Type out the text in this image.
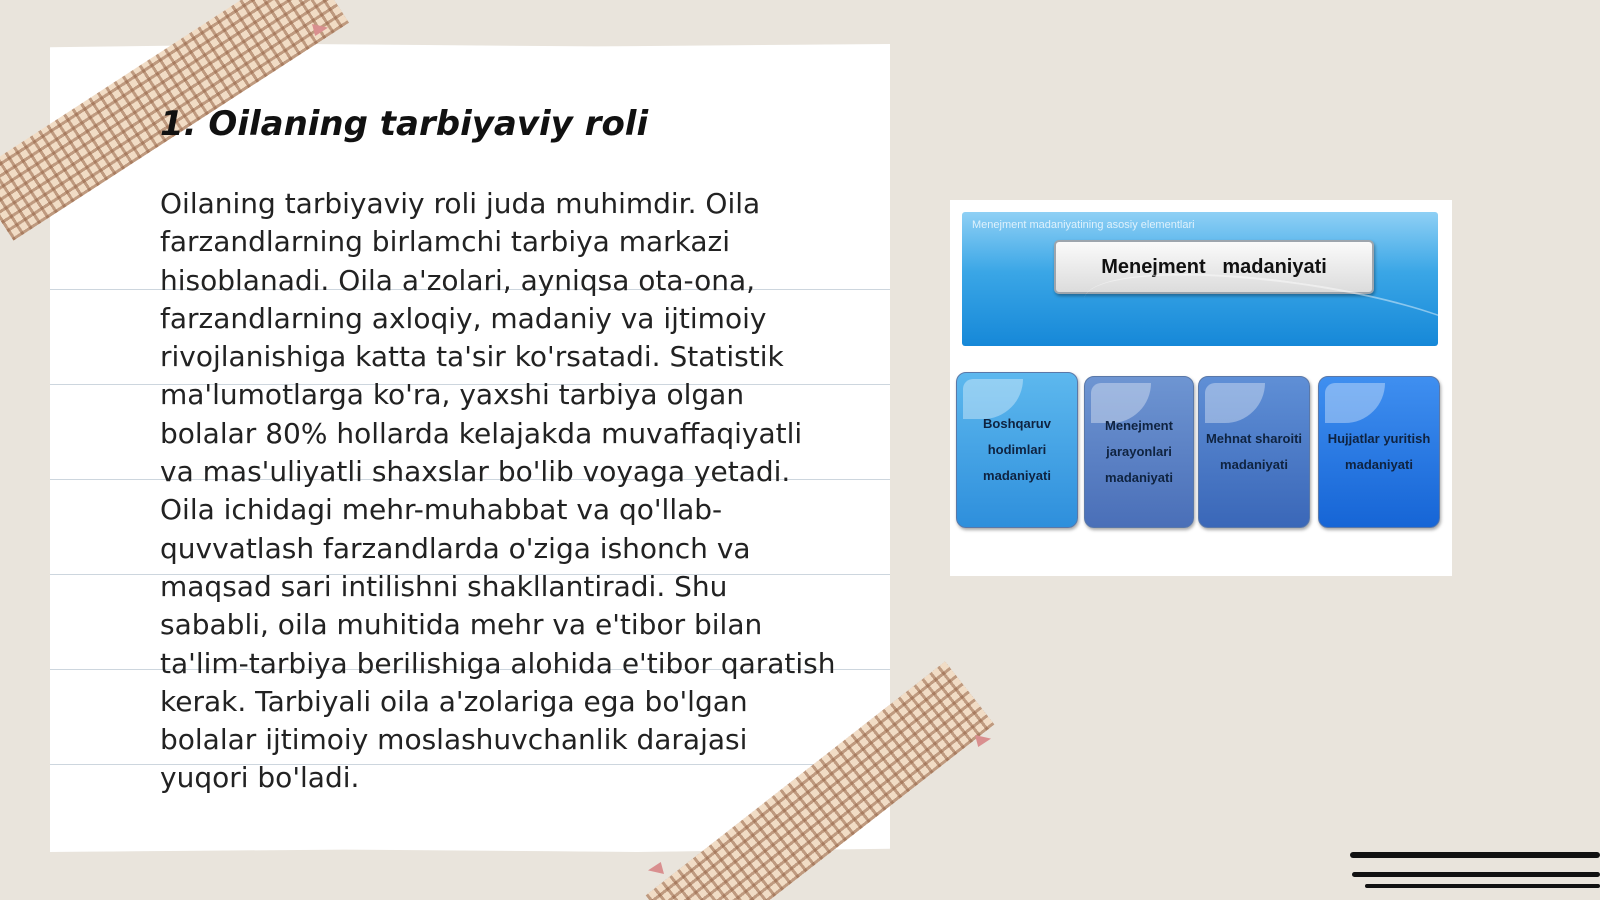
1. Oilaning tarbiyaviy roli

Oilaning tarbiyaviy roli juda muhimdir. Oila farzandlarning birlamchi tarbiya markazi hisoblanadi. Oila a'zolari, ayniqsa ota-ona, farzandlarning axloqiy, madaniy va ijtimoiy rivojlanishiga katta ta'sir ko'rsatadi. Statistik ma'lumotlarga ko'ra, yaxshi tarbiya olgan bolalar 80% hollarda kelajakda muvaffaqiyatli va mas'uliyatli shaxslar bo'lib voyaga yetadi. Oila ichidagi mehr-muhabbat va qo'llab-quvvatlash farzandlarda o'ziga ishonch va maqsad sari intilishni shakllantiradi. Shu sababli, oila muhitida mehr va e'tibor bilan ta'lim-tarbiya berilishiga alohida e'tibor qaratish kerak. Tarbiyali oila a'zolariga ega bo'lgan bolalar ijtimoiy moslashuvchanlik darajasi yuqori bo'ladi.

Menejment madaniyatining asosiy elementlari
Menejment   madaniyati
Boshqaruv hodimlari madaniyati
Menejment jarayonlari madaniyati
Mehnat sharoiti madaniyati
Hujjatlar yuritish madaniyati
